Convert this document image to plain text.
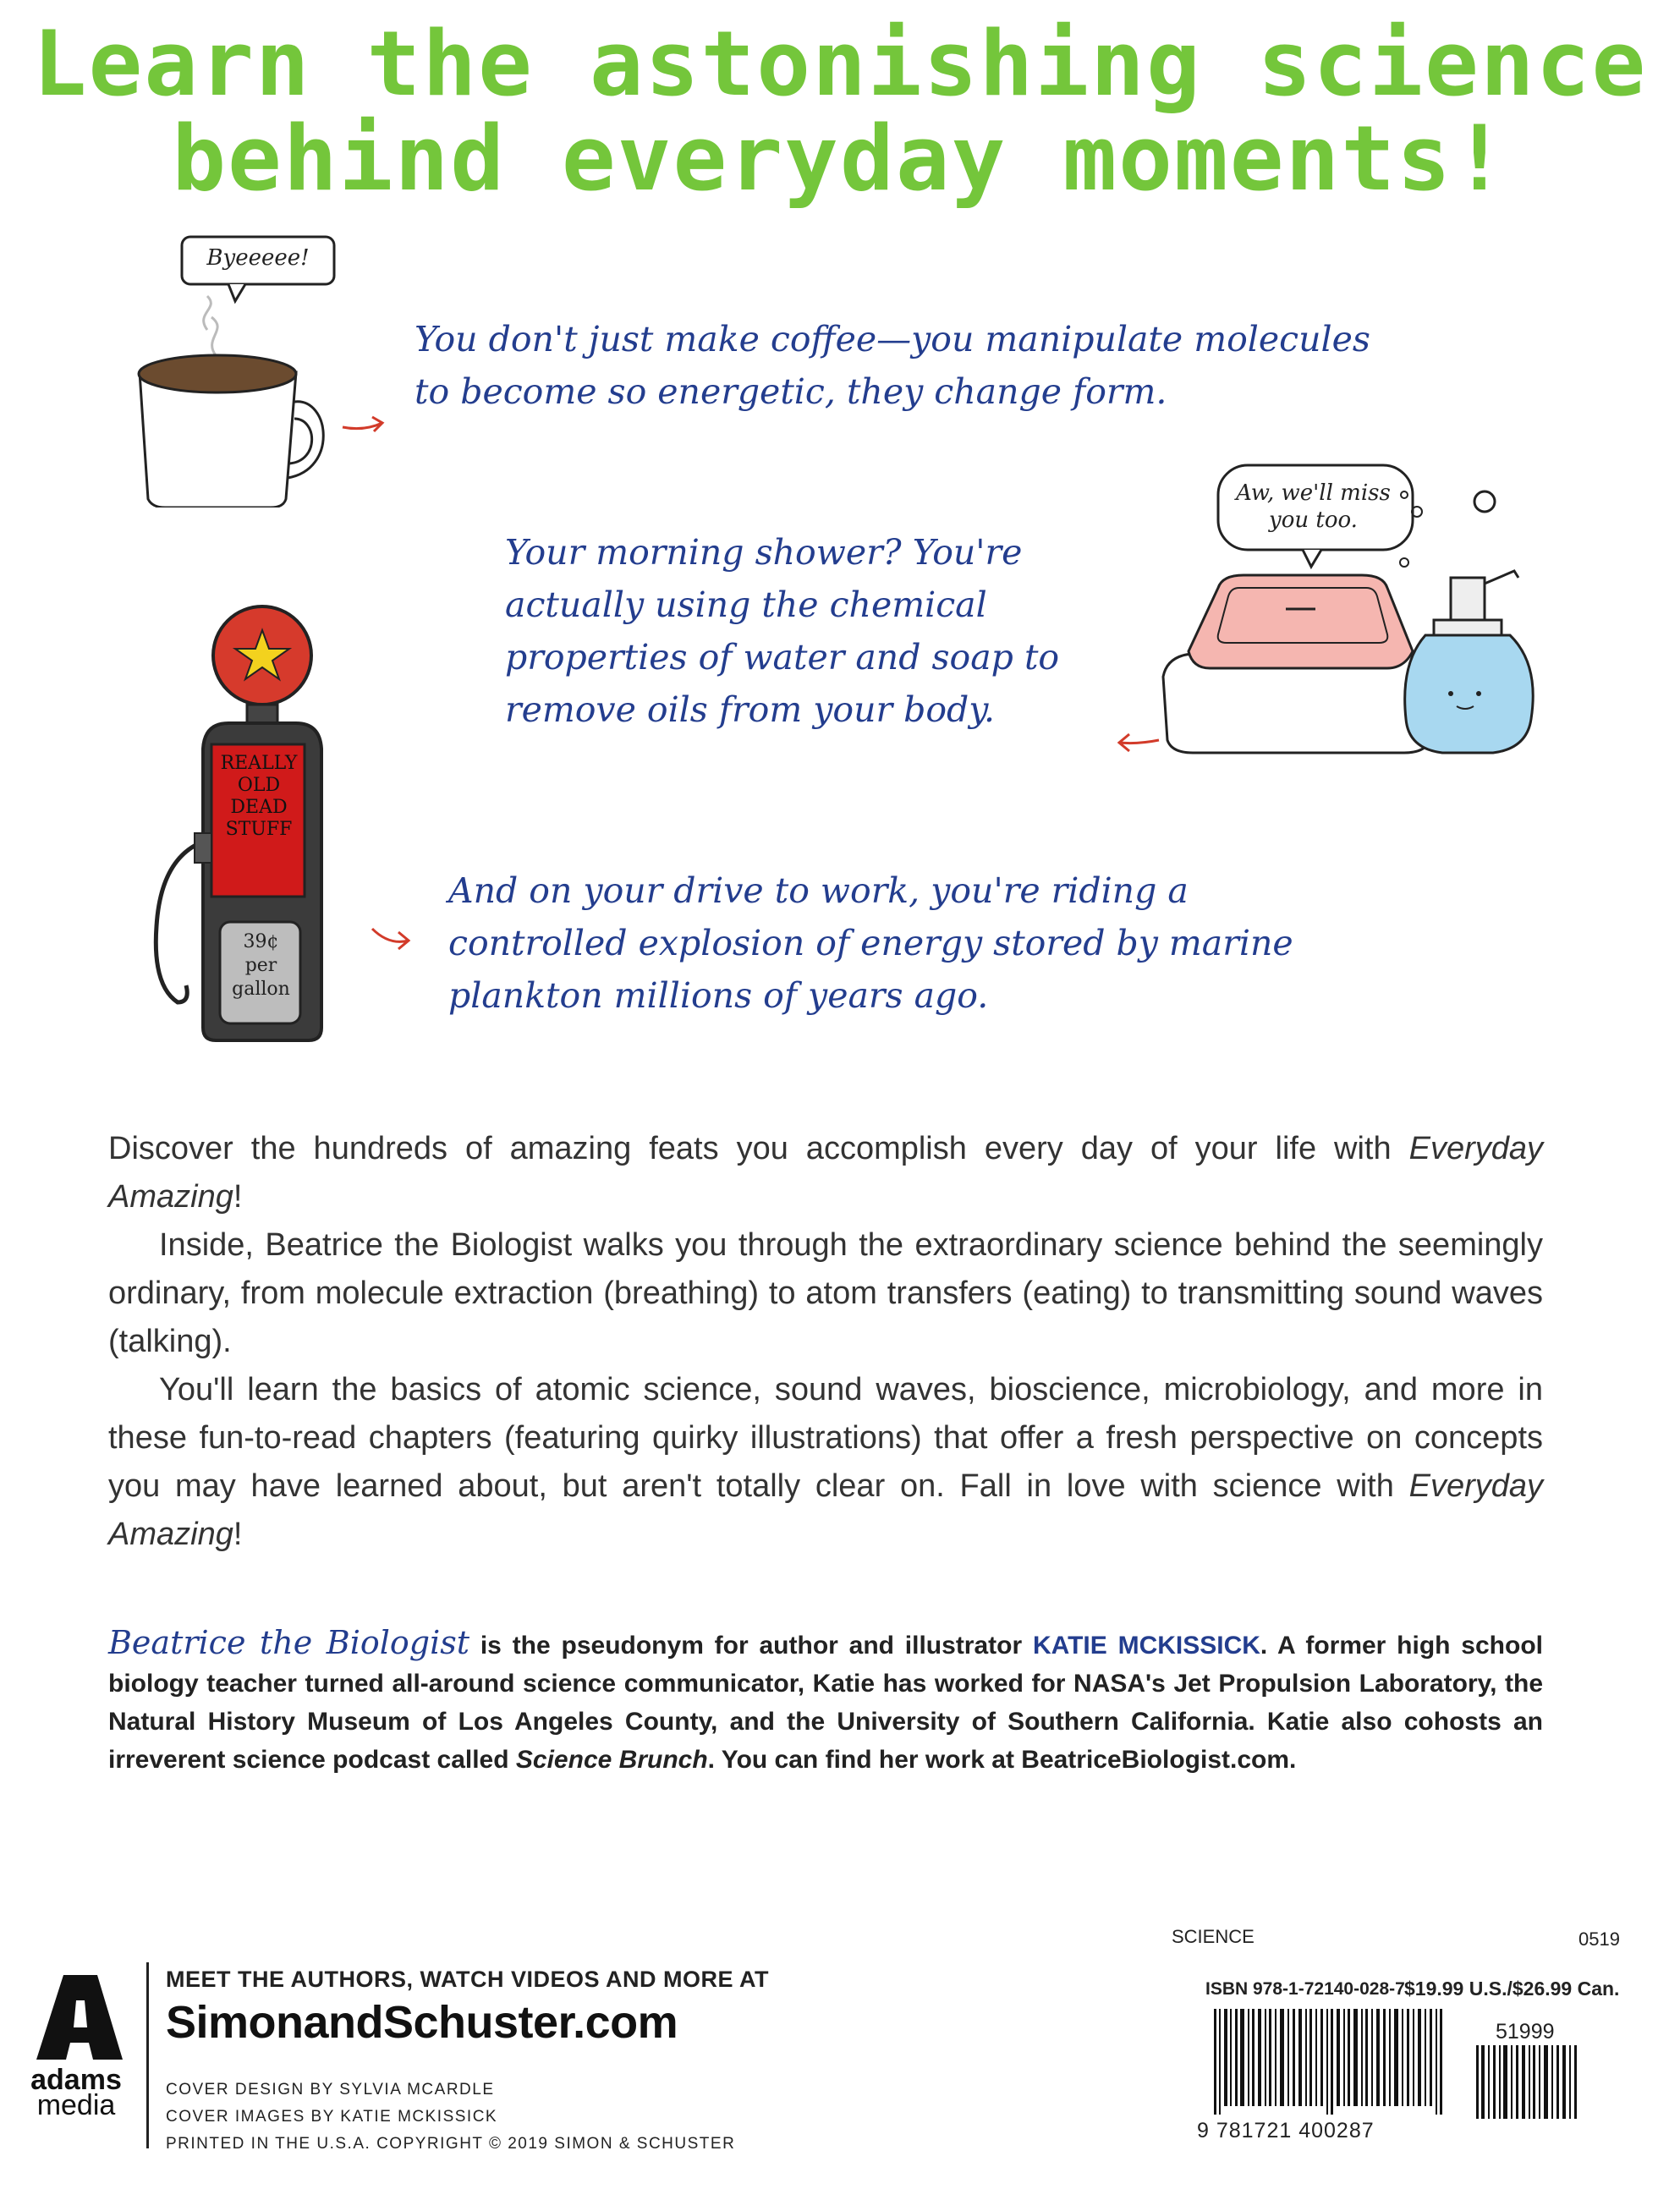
Learn the astonishing science
behind everyday moments!
Byeeeee!
You don't just make coffee—you manipulate molecules
to become so energetic, they change form.
Your morning shower? You're
actually using the chemical
properties of water and soap to
remove oils from your body.
Aw, we'll miss
you too.
REALLY
OLD
DEAD
STUFF
39¢
per
gallon
And on your drive to work, you're riding a
controlled explosion of energy stored by marine
plankton millions of years ago.

Discover the hundreds of amazing feats you accomplish every day of your life with Everyday Amazing!

Inside, Beatrice the Biologist walks you through the extraordinary science behind the seemingly ordinary, from molecule extraction (breathing) to atom transfers (eating) to transmitting sound waves (talking).

You'll learn the basics of atomic science, sound waves, bioscience, microbiology, and more in these fun-to-read chapters (featuring quirky illustrations) that offer a fresh perspective on concepts you may have learned about, but aren't totally clear on. Fall in love with science with Everyday Amazing!

Beatrice the Biologist is the pseudonym for author and illustrator KATIE MCKISSICK. A former high school biology teacher turned all-around science communicator, Katie has worked for NASA's Jet Propulsion Laboratory, the Natural History Museum of Los Angeles County, and the University of Southern California. Katie also cohosts an irreverent science podcast called Science Brunch. You can find her work at BeatriceBiologist.com.
adams
media
MEET THE AUTHORS, WATCH VIDEOS AND MORE AT
SimonandSchuster.com
COVER DESIGN BY SYLVIA MCARDLE
COVER IMAGES BY KATIE MCKISSICK
PRINTED IN THE U.S.A. COPYRIGHT © 2019 SIMON & SCHUSTER
SCIENCE	0519
ISBN 978-1-72140-028-7 $19.99 U.S./$26.99 Can.
51999
9 781721 400287
